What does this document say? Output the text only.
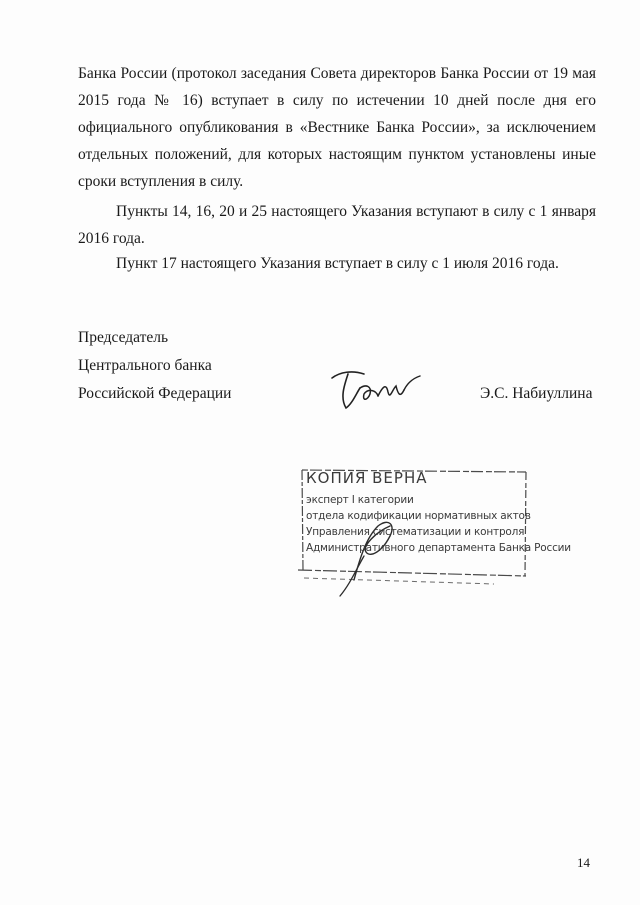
Банка России (протокол заседания Совета директоров Банка России от 19 мая
2015 года № 16) вступает в силу по истечении 10 дней после дня его
официального опубликования в «Вестнике Банка России», за исключением
отдельных положений, для которых настоящим пунктом установлены иные
сроки вступления в силу.
Пункты 14, 16, 20 и 25 настоящего Указания вступают в силу с 1 января
2016 года.
Пункт 17 настоящего Указания вступает в силу с 1 июля 2016 года.
Председатель
Центрального банка
Российской Федерации	Э.С. Набиуллина
КОПИЯ ВЕРНА
эксперт I категории
отдела кодификации нормативных актов
Управления систематизации и контроля
Административного департамента Банка России
14
